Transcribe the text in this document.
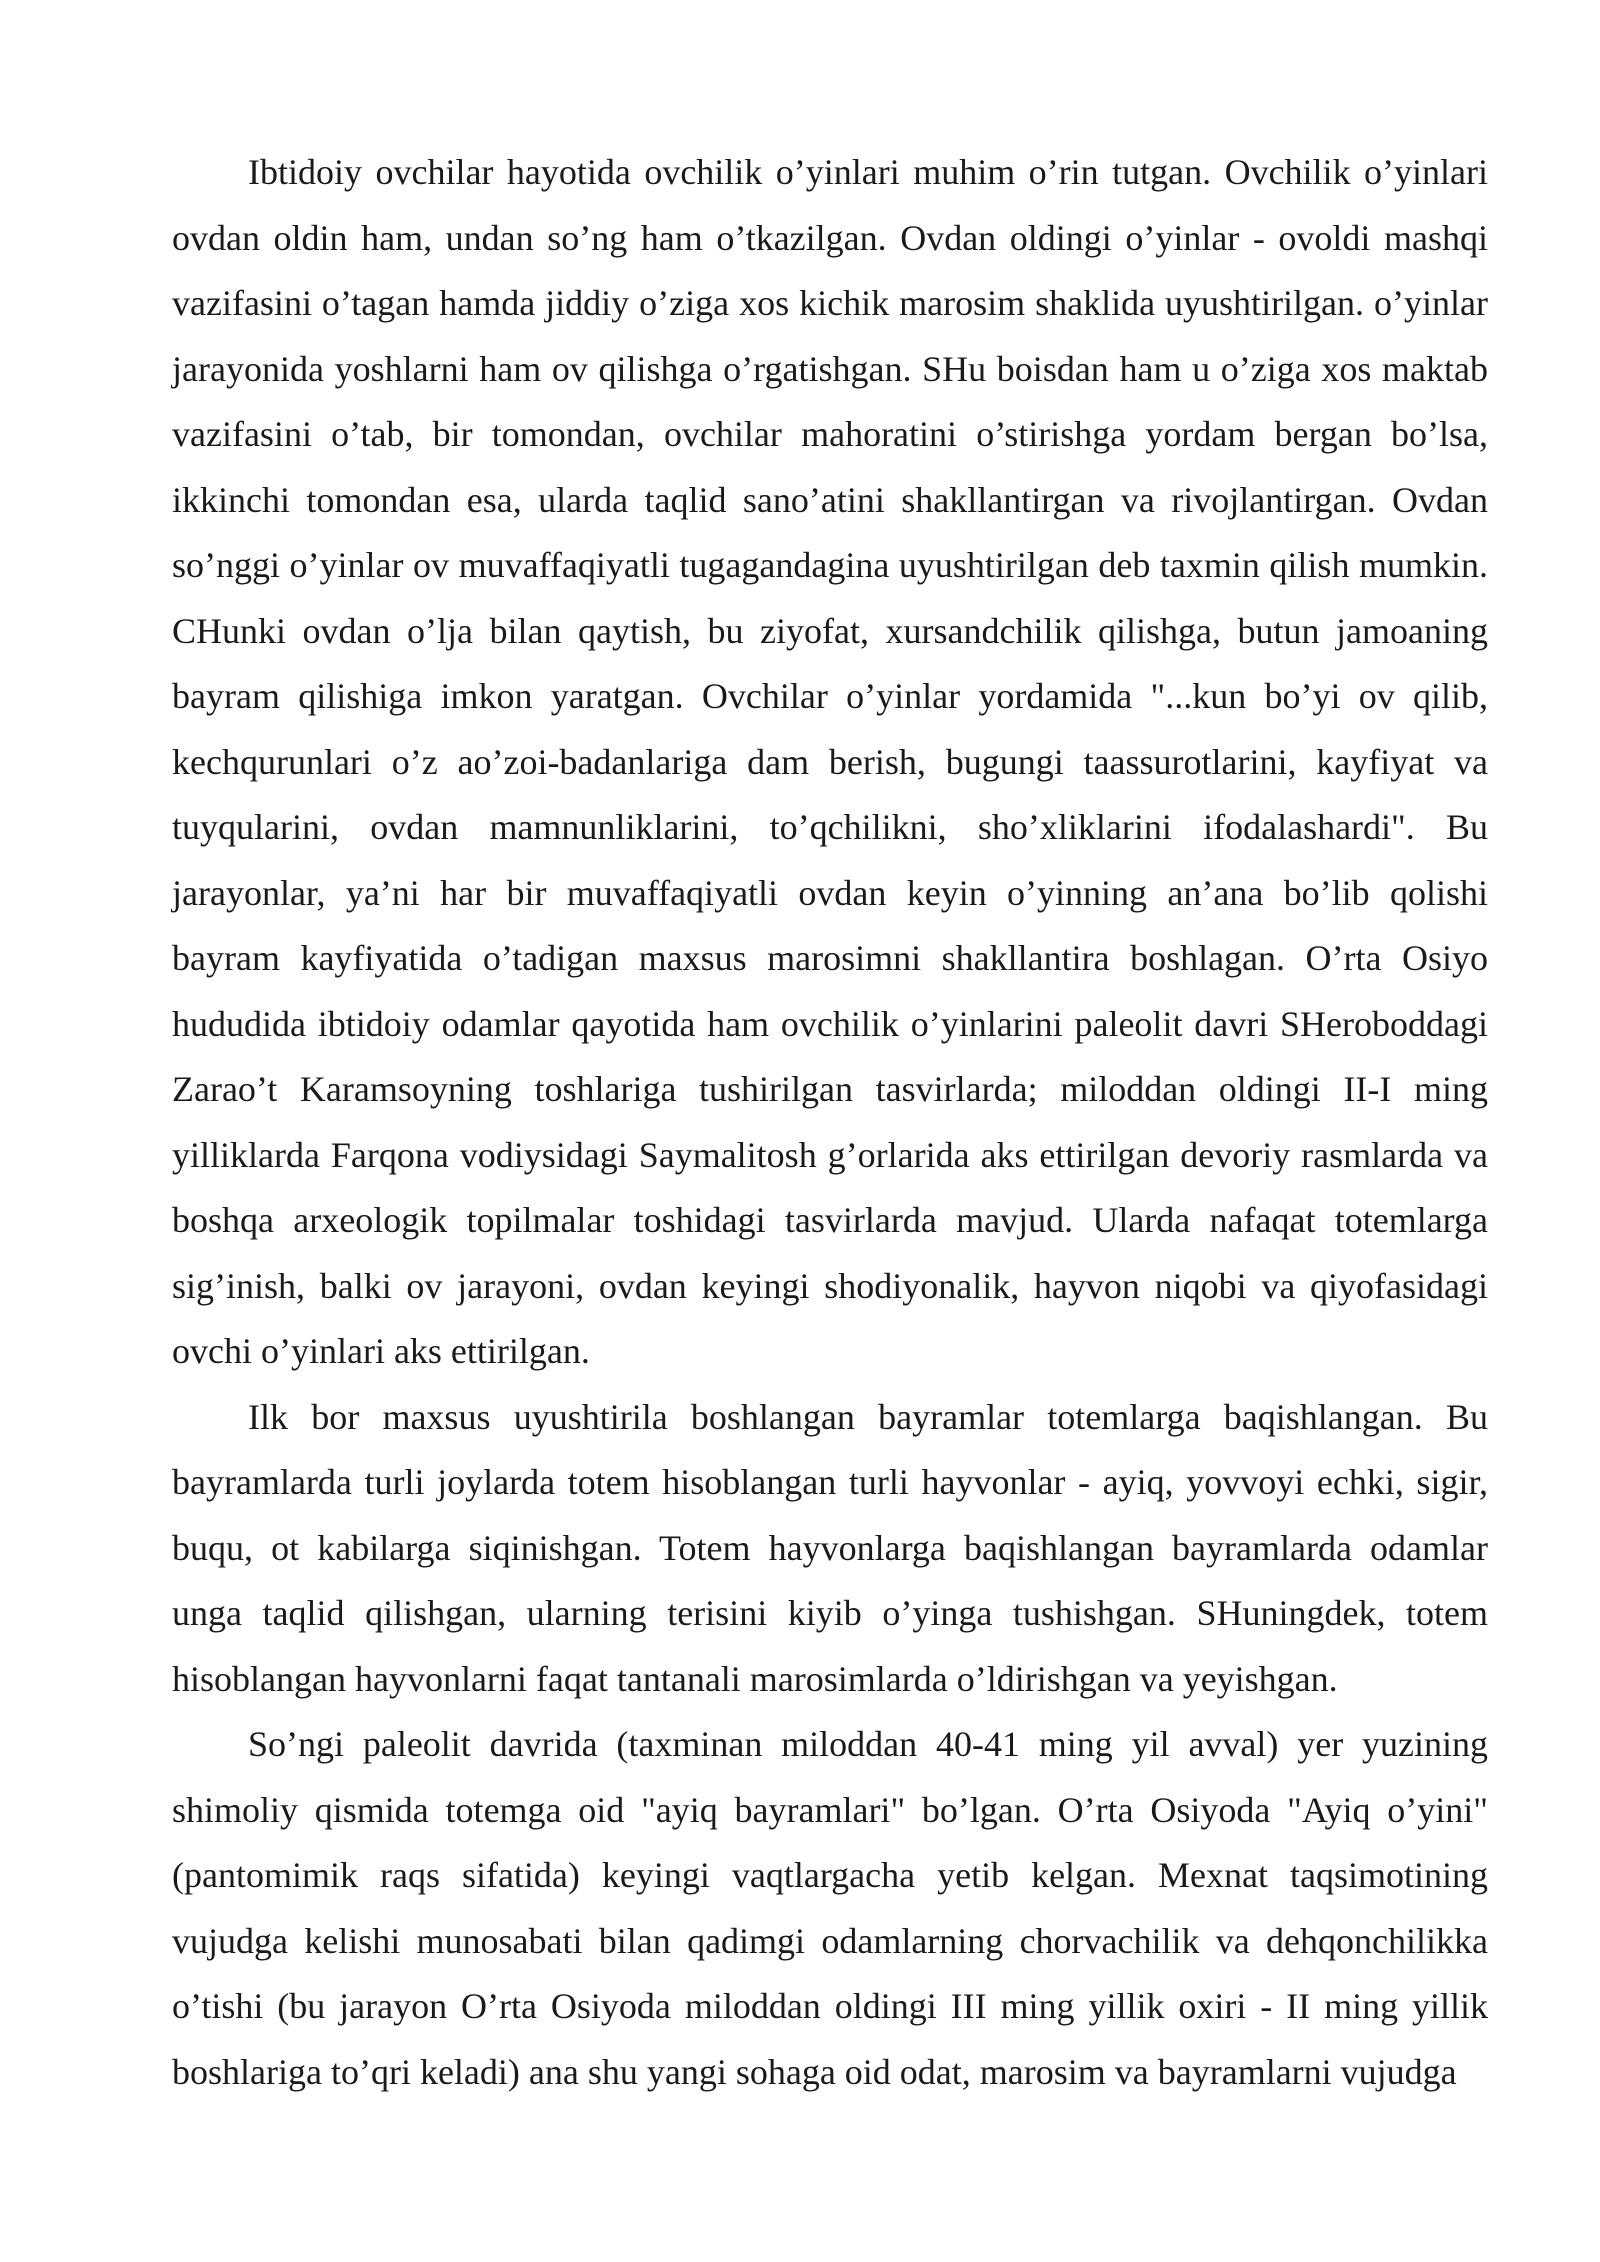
Ibtidoiy ovchilar hayotida ovchilik o’yinlari muhim o’rin tutgan. Ovchilik o’yinlari ovdan oldin ham, undan so’ng ham o’tkazilgan. Ovdan oldingi o’yinlar - ovoldi mashqi vazifasini o’tagan hamda jiddiy o’ziga xos kichik marosim shaklida uyushtirilgan. o’yinlar jarayonida yoshlarni ham ov qilishga o’rgatishgan. SHu boisdan ham u o’ziga xos maktab vazifasini o’tab, bir tomondan, ovchilar mahoratini o’stirishga yordam bergan bo’lsa, ikkinchi tomondan esa, ularda taqlid sano’atini shakllantirgan va rivojlantirgan. Ovdan so’nggi o’yinlar ov muvaffaqiyatli tugagandagina uyushtirilgan deb taxmin qilish mumkin. CHunki ovdan o’lja bilan qaytish, bu ziyofat, xursandchilik qilishga, butun jamoaning bayram qilishiga imkon yaratgan. Ovchilar o’yinlar yordamida "...kun bo’yi ov qilib, kechqurunlari o’z ao’zoi-badanlariga dam berish, bugungi taassurotlarini, kayfiyat va tuyqularini, ovdan mamnunliklarini, to’qchilikni, sho’xliklarini ifodalashardi". Bu jarayonlar, ya’ni har bir muvaffaqiyatli ovdan keyin o’yinning an’ana bo’lib qolishi bayram kayfiyatida o’tadigan maxsus marosimni shakllantira boshlagan. O’rta Osiyo hududida ibtidoiy odamlar qayotida ham ovchilik o’yinlarini paleolit davri SHeroboddagi Zarao’t Karamsoyning toshlariga tushirilgan tasvirlarda; miloddan oldingi II-I ming yilliklarda Farqona vodiysidagi Saymalitosh g’orlarida aks ettirilgan devoriy rasmlarda va boshqa arxeologik topilmalar toshidagi tasvirlarda mavjud. Ularda nafaqat totemlarga sig’inish, balki ov jarayoni, ovdan keyingi shodiyonalik, hayvon niqobi va qiyofasidagi ovchi o’yinlari aks ettirilgan.

Ilk bor maxsus uyushtirila boshlangan bayramlar totemlarga baqishlangan. Bu bayramlarda turli joylarda totem hisoblangan turli hayvonlar - ayiq, yovvoyi echki, sigir, buqu, ot kabilarga siqinishgan. Totem hayvonlarga baqishlangan bayramlarda odamlar unga taqlid qilishgan, ularning terisini kiyib o’yinga tushishgan. SHuningdek, totem hisoblangan hayvonlarni faqat tantanali marosimlarda o’ldirishgan va yeyishgan.

So’ngi paleolit davrida (taxminan miloddan 40-41 ming yil avval) yer yuzining shimoliy qismida totemga oid "ayiq bayramlari" bo’lgan. O’rta Osiyoda "Ayiq o’yini" (pantomimik raqs sifatida) keyingi vaqtlargacha yetib kelgan. Mexnat taqsimotining vujudga kelishi munosabati bilan qadimgi odamlarning chorvachilik va dehqonchilikka o’tishi (bu jarayon O’rta Osiyoda miloddan oldingi III ming yillik oxiri - II ming yillik boshlariga to’qri keladi) ana shu yangi sohaga oid odat, marosim va bayramlarni vujudga
